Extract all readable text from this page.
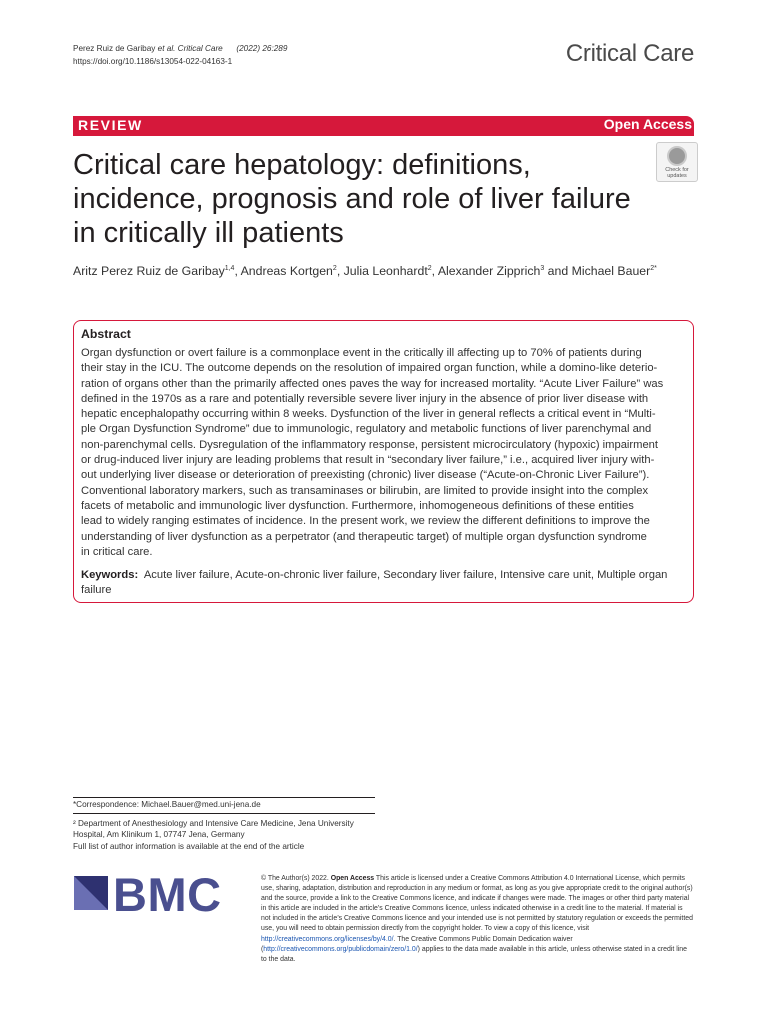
Perez Ruiz de Garibay et al. Critical Care (2022) 26:289
https://doi.org/10.1186/s13054-022-04163-1	Critical Care
REVIEW	Open Access
Critical care hepatology: definitions, incidence, prognosis and role of liver failure in critically ill patients
Check for
updates
Aritz Perez Ruiz de Garibay$^{1,4}$, Andreas Kortgen$^2$, Julia Leonhardt$^2$, Alexander Zipprich$^3$ and Michael Bauer$^{2*}$
Abstract
Organ dysfunction or overt failure is a commonplace event in the critically ill affecting up to 70% of patients during
their stay in the ICU. The outcome depends on the resolution of impaired organ function, while a domino-like deterio-
ration of organs other than the primarily affected ones paves the way for increased mortality. “Acute Liver Failure” was
defined in the 1970s as a rare and potentially reversible severe liver injury in the absence of prior liver disease with
hepatic encephalopathy occurring within 8 weeks. Dysfunction of the liver in general reflects a critical event in “Multi-
ple Organ Dysfunction Syndrome” due to immunologic, regulatory and metabolic functions of liver parenchymal and
non-parenchymal cells. Dysregulation of the inflammatory response, persistent microcirculatory (hypoxic) impairment
or drug-induced liver injury are leading problems that result in “secondary liver failure,” i.e., acquired liver injury with-
out underlying liver disease or deterioration of preexisting (chronic) liver disease (“Acute-on-Chronic Liver Failure”).
Conventional laboratory markers, such as transaminases or bilirubin, are limited to provide insight into the complex
facets of metabolic and immunologic liver dysfunction. Furthermore, inhomogeneous definitions of these entities
lead to widely ranging estimates of incidence. In the present work, we review the different definitions to improve the
understanding of liver dysfunction as a perpetrator (and therapeutic target) of multiple organ dysfunction syndrome
in critical care.
Keywords: Acute liver failure, Acute-on-chronic liver failure, Secondary liver failure, Intensive care unit, Multiple organ
failure
*Correspondence: Michael.Bauer@med.uni-jena.de
² Department of Anesthesiology and Intensive Care Medicine, Jena University
Hospital, Am Klinikum 1, 07747 Jena, Germany
Full list of author information is available at the end of the article
BMC	© The Author(s) 2022. Open Access This article is licensed under a Creative Commons Attribution 4.0 International License, which permits use, sharing, adaptation, distribution and reproduction in any medium or format, as long as you give appropriate credit to the original author(s) and the source, provide a link to the Creative Commons licence, and indicate if changes were made. The images or other third party material in this article are included in the article’s Creative Commons licence, unless indicated otherwise in a credit line to the material. If material is not included in the article’s Creative Commons licence and your intended use is not permitted by statutory regulation or exceeds the permitted use, you will need to obtain permission directly from the copyright holder. To view a copy of this licence, visit http://creativecommons.org/licenses/by/4.0/. The Creative Commons Public Domain Dedication waiver (http://creativecommons.org/publicdomain/zero/1.0/) applies to the data made available in this article, unless otherwise stated in a credit line to the data.
